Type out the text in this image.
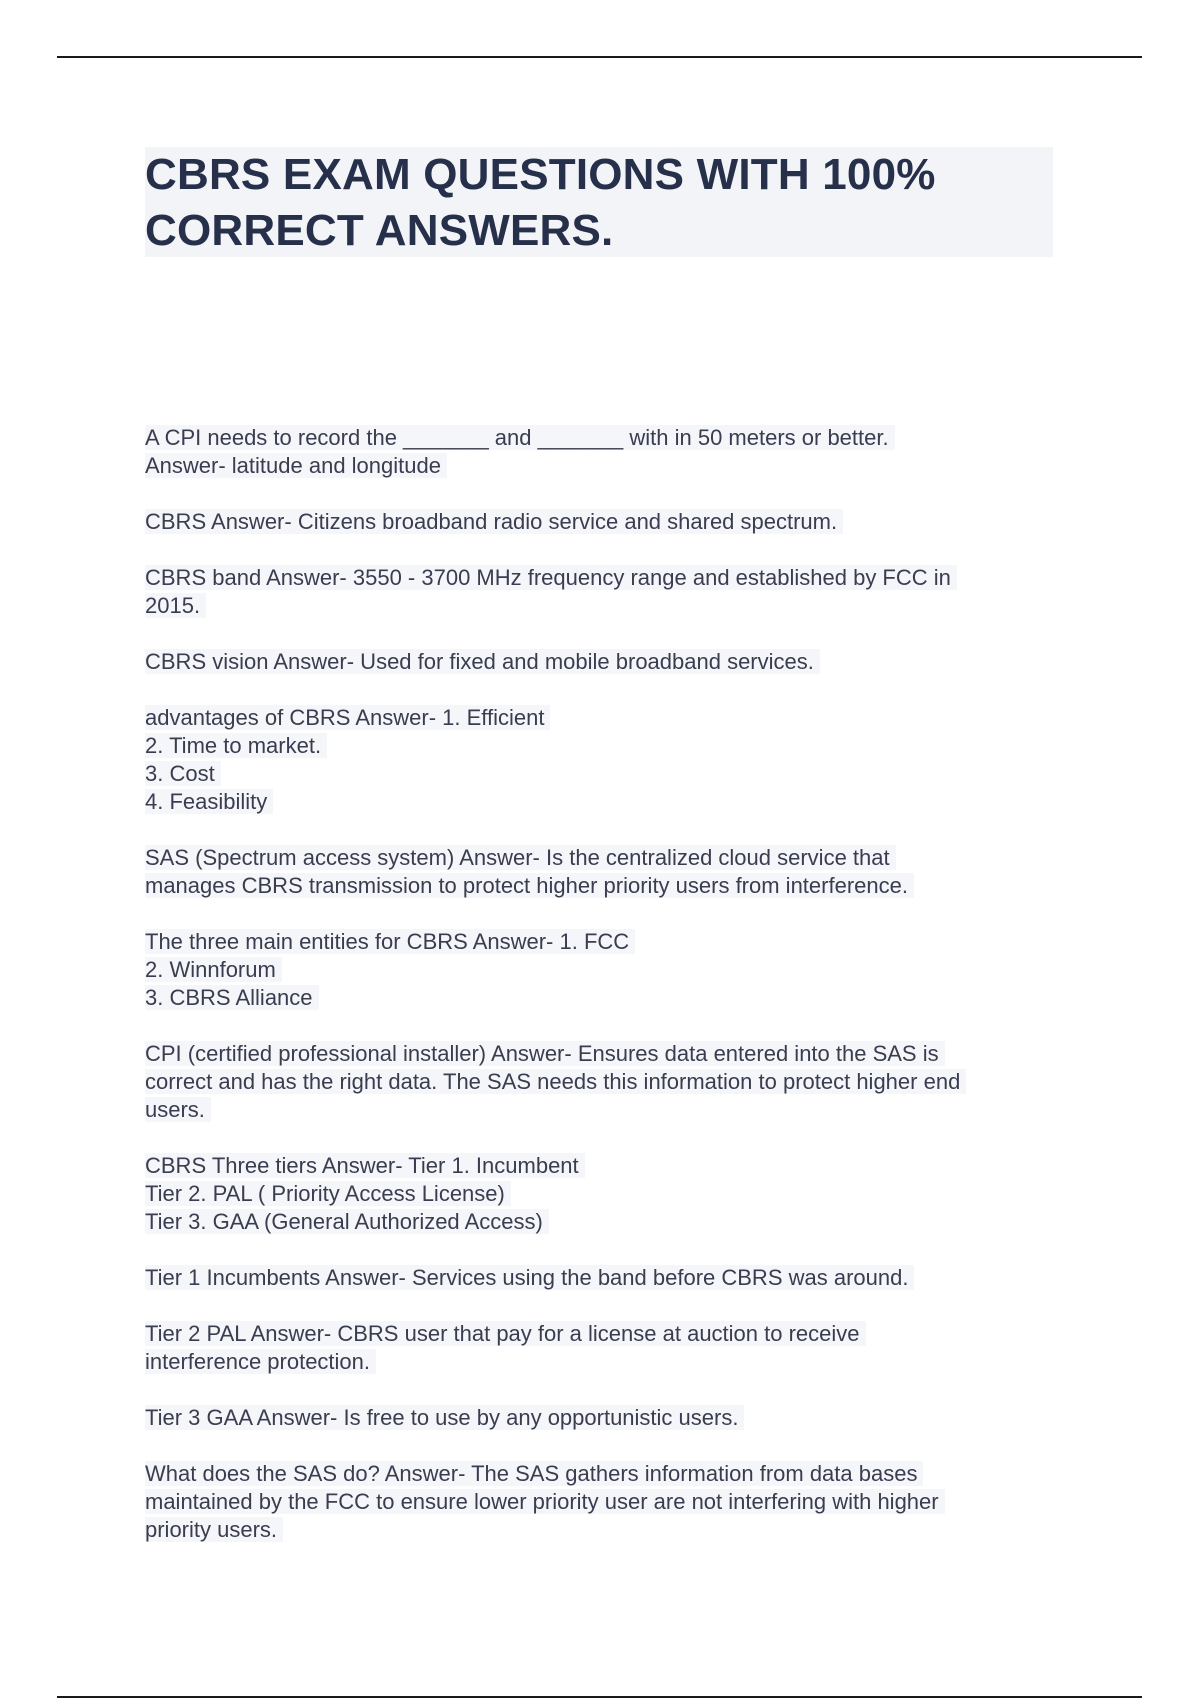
CBRS EXAM QUESTIONS WITH 100%
CORRECT ANSWERS.

A CPI needs to record the _______ and _______ with in 50 meters or better.
Answer- latitude and longitude

CBRS Answer- Citizens broadband radio service and shared spectrum.

CBRS band Answer- 3550 - 3700 MHz frequency range and established by FCC in
2015.

CBRS vision Answer- Used for fixed and mobile broadband services.

advantages of CBRS Answer- 1. Efficient
2. Time to market.
3. Cost
4. Feasibility

SAS (Spectrum access system) Answer- Is the centralized cloud service that
manages CBRS transmission to protect higher priority users from interference.

The three main entities for CBRS Answer- 1. FCC
2. Winnforum
3. CBRS Alliance

CPI (certified professional installer) Answer- Ensures data entered into the SAS is
correct and has the right data. The SAS needs this information to protect higher end
users.

CBRS Three tiers Answer- Tier 1. Incumbent
Tier 2. PAL ( Priority Access License)
Tier 3. GAA (General Authorized Access)

Tier 1 Incumbents Answer- Services using the band before CBRS was around.

Tier 2 PAL Answer- CBRS user that pay for a license at auction to receive
interference protection.

Tier 3 GAA Answer- Is free to use by any opportunistic users.

What does the SAS do? Answer- The SAS gathers information from data bases
maintained by the FCC to ensure lower priority user are not interfering with higher
priority users.
